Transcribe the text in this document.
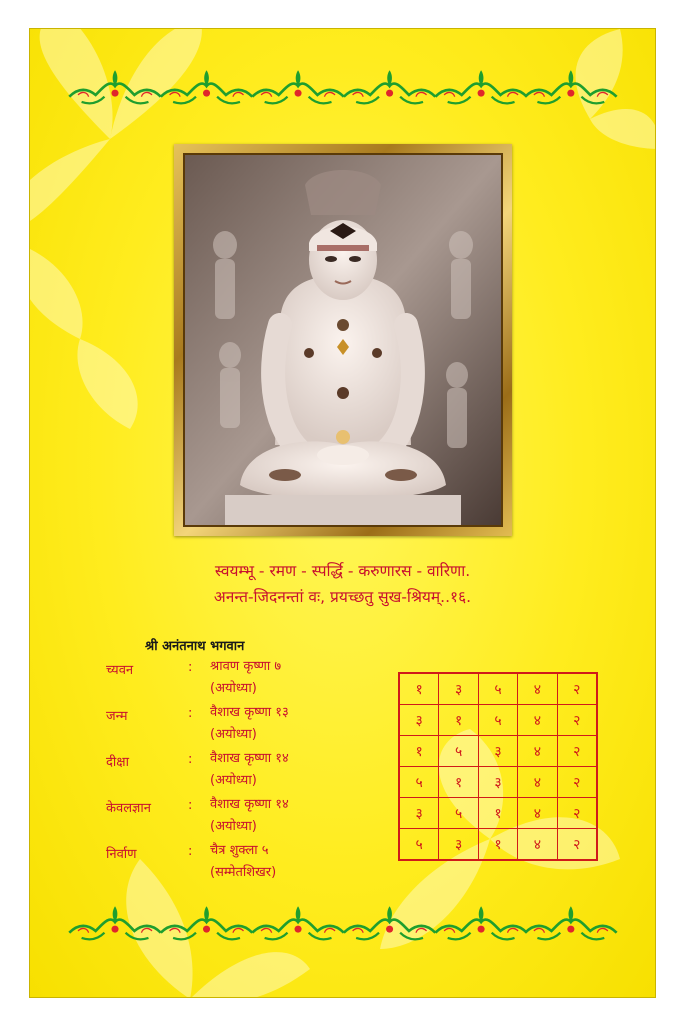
स्वयम्भू - रमण - स्पर्द्धि - करुणारस - वारिणा.
अनन्त-जिदनन्तां वः, प्रयच्छतु सुख-श्रियम्..१६.
श्री अनंतनाथ भगवान
च्यवन	: श्रावण कृष्णा ७
(अयोध्या)
जन्म	: वैशाख कृष्णा १३
(अयोध्या)
दीक्षा	: वैशाख कृष्णा १४
(अयोध्या)
केवलज्ञान	: वैशाख कृष्णा १४
(अयोध्या)
निर्वाण	: चैत्र शुक्ला ५
(सम्मेतशिखर)
१	३	५	४	२
३	१	५	४	२
१	५	३	४	२
५	१	३	४	२
३	५	१	४	२
५	३	१	४	२
